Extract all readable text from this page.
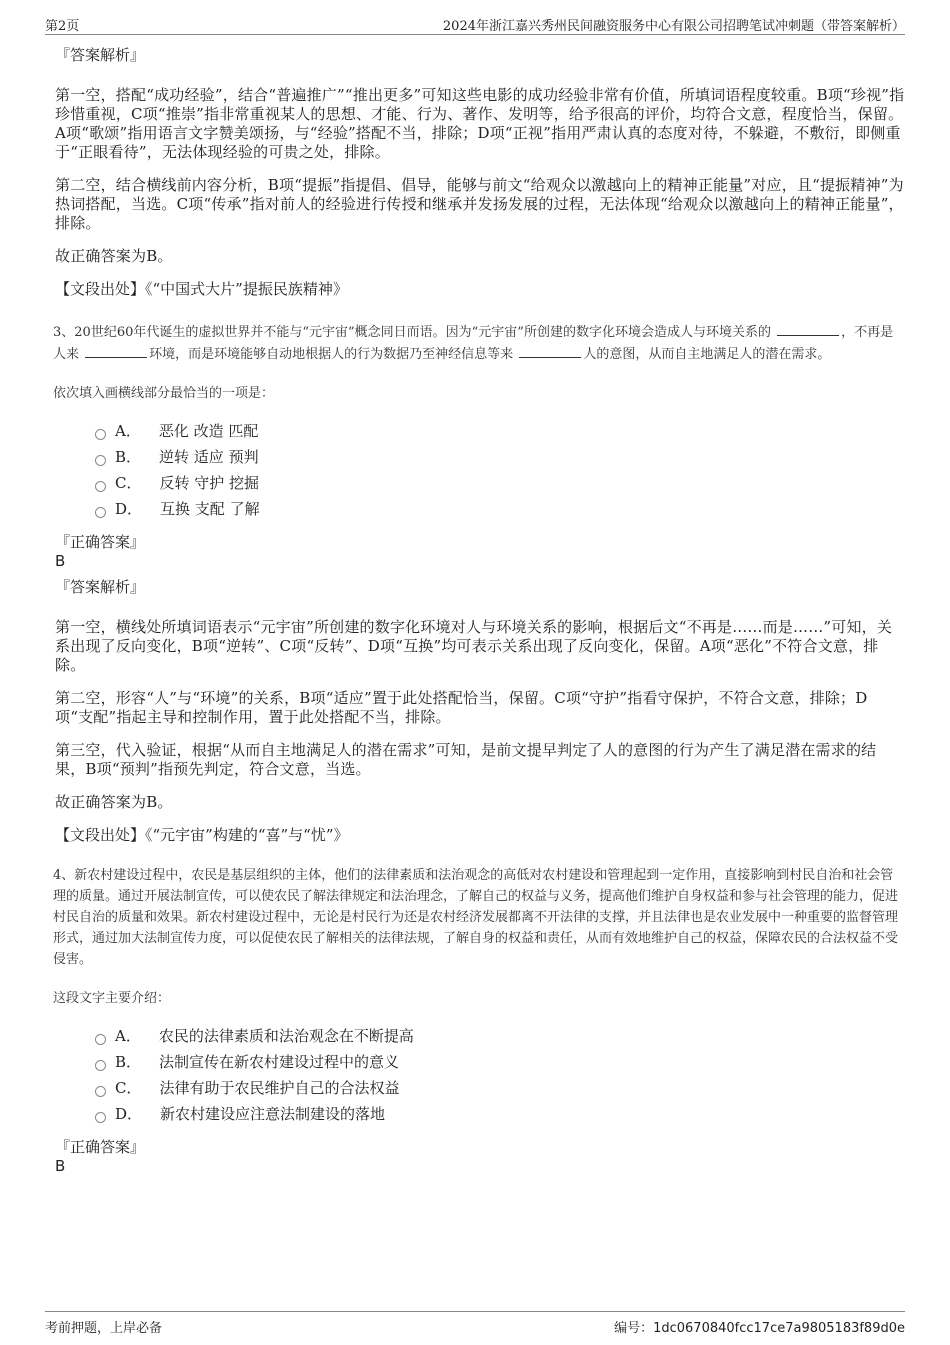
第2页	2024年浙江嘉兴秀州民间融资服务中心有限公司招聘笔试冲刺题（带答案解析）

『答案解析』

第一空，搭配“成功经验”，结合“普遍推广”“推出更多”可知这些电影的成功经验非常有价值，所填词语程度较重。B项“珍视”指珍惜重视，C项“推崇”指非常重视某人的思想、才能、行为、著作、发明等，给予很高的评价，均符合文意，程度恰当，保留。A项“歌颂”指用语言文字赞美颂扬，与“经验”搭配不当，排除；D项“正视”指用严肃认真的态度对待，不躲避，不敷衍，即侧重于“正眼看待”，无法体现经验的可贵之处，排除。

第二空，结合横线前内容分析，B项“提振”指提倡、倡导，能够与前文“给观众以激越向上的精神正能量”对应，且“提振精神”为热词搭配，当选。C项“传承”指对前人的经验进行传授和继承并发扬发展的过程，无法体现“给观众以激越向上的精神正能量”，排除。

故正确答案为B。

【文段出处】《“中国式大片”提振民族精神》

3、20世纪60年代诞生的虚拟世界并不能与“元宇宙”概念同日而语。因为“元宇宙”所创建的数字化环境会造成人与环境关系的	，不再是人来	环境，而是环境能够自动地根据人的行为数据乃至神经信息等来	人的意图，从而自主地满足人的潜在需求。

依次填入画横线部分最恰当的一项是：

A． 恶化 改造 匹配
B． 逆转 适应 预判
C． 反转 守护 挖掘
D． 互换 支配 了解

『正确答案』

B

『答案解析』

第一空，横线处所填词语表示“元宇宙”所创建的数字化环境对人与环境关系的影响，根据后文“不再是……而是……”可知，关系出现了反向变化，B项“逆转”、C项“反转”、D项“互换”均可表示关系出现了反向变化，保留。A项“恶化”不符合文意，排除。

第二空，形容“人”与“环境”的关系，B项“适应”置于此处搭配恰当，保留。C项“守护”指看守保护，不符合文意，排除；D项“支配”指起主导和控制作用，置于此处搭配不当，排除。

第三空，代入验证，根据“从而自主地满足人的潜在需求”可知，是前文提早判定了人的意图的行为产生了满足潜在需求的结果，B项“预判”指预先判定，符合文意，当选。

故正确答案为B。

【文段出处】《“元宇宙”构建的“喜”与“忧”》

4、新农村建设过程中，农民是基层组织的主体，他们的法律素质和法治观念的高低对农村建设和管理起到一定作用，直接影响到村民自治和社会管理的质量。通过开展法制宣传，可以使农民了解法律规定和法治理念，了解自己的权益与义务，提高他们维护自身权益和参与社会管理的能力，促进村民自治的质量和效果。新农村建设过程中，无论是村民行为还是农村经济发展都离不开法律的支撑，并且法律也是农业发展中一种重要的监督管理形式，通过加大法制宣传力度，可以促使农民了解相关的法律法规，了解自身的权益和责任，从而有效地维护自己的权益，保障农民的合法权益不受侵害。

这段文字主要介绍：

A． 农民的法律素质和法治观念在不断提高
B． 法制宣传在新农村建设过程中的意义
C． 法律有助于农民维护自己的合法权益
D． 新农村建设应注意法制建设的落地

『正确答案』

B

考前押题，上岸必备	编号：1dc0670840fcc17ce7a9805183f89d0e
